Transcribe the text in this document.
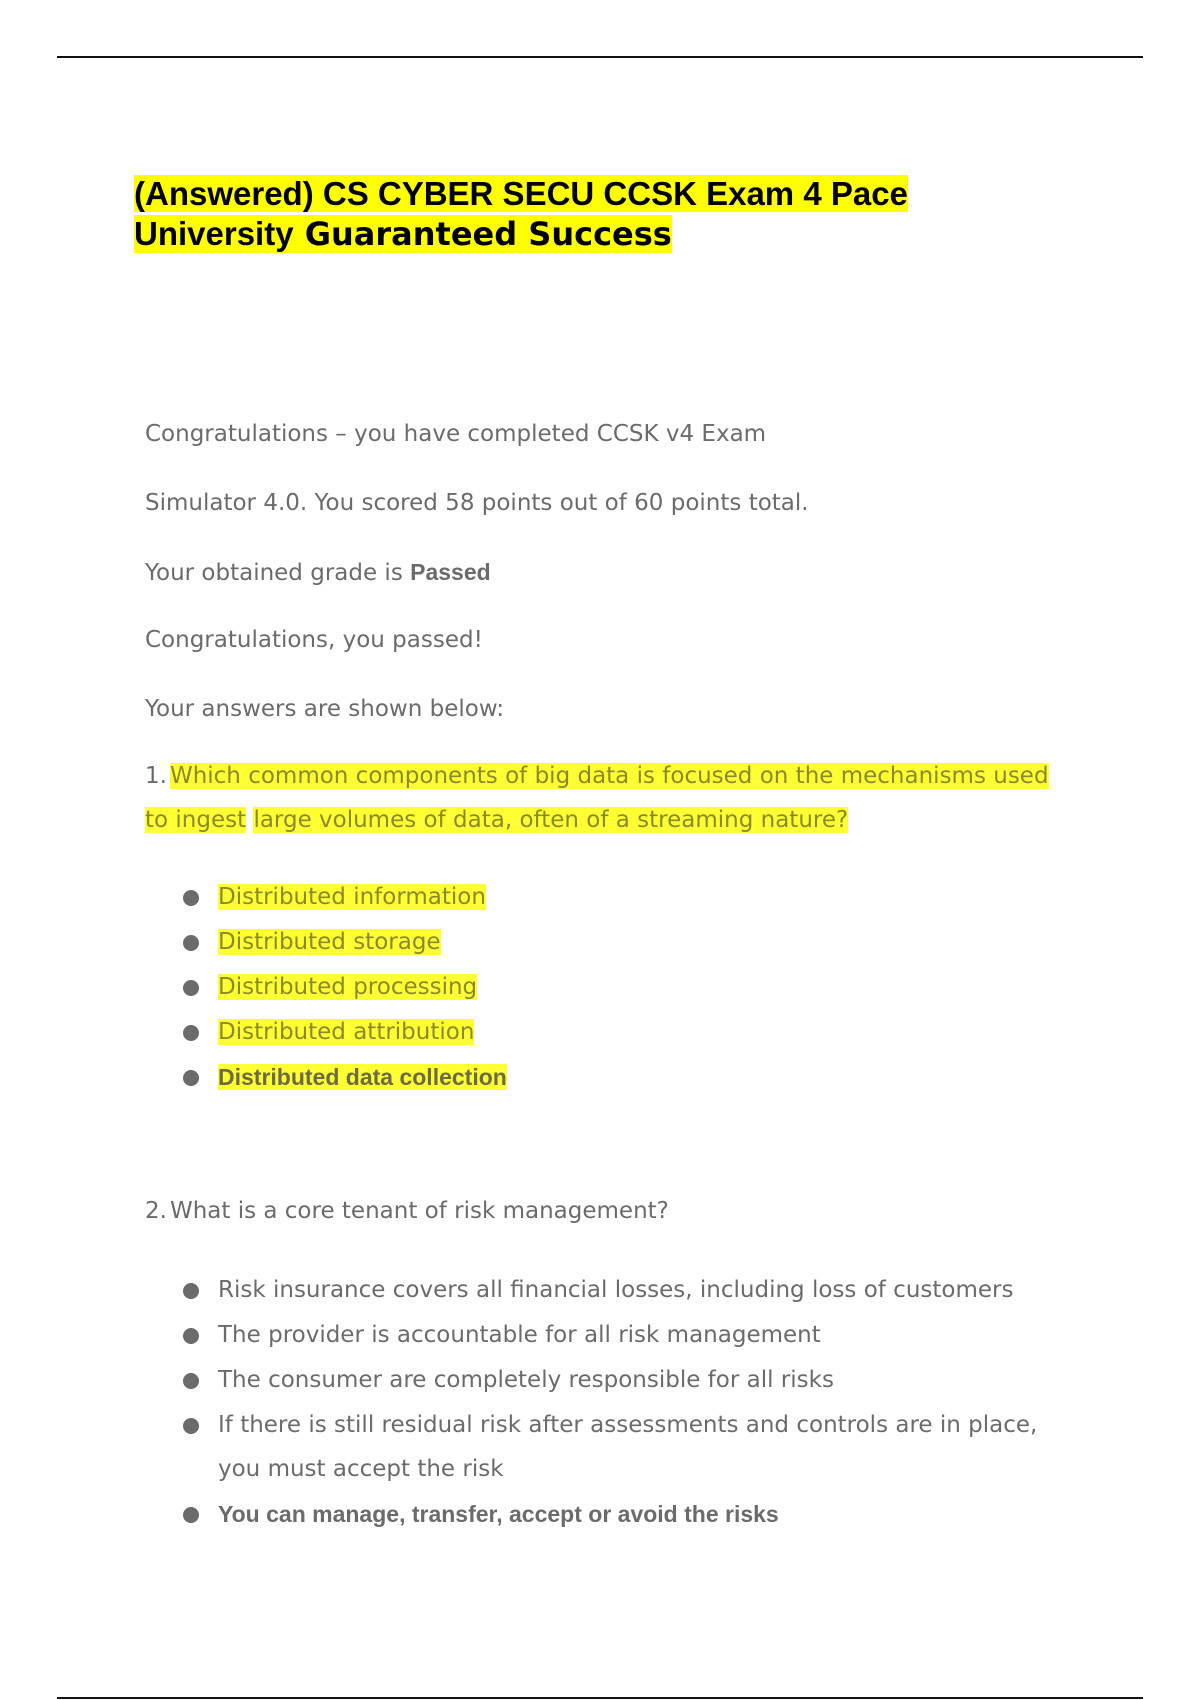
(Answered) CS CYBER SECU CCSK Exam 4 Pace
University Guaranteed Success

Congratulations – you have completed CCSK v4 Exam

Simulator 4.0. You scored 58 points out of 60 points total.

Your obtained grade is Passed

Congratulations, you passed!

Your answers are shown below:

1. Which common components of big data is focused on the mechanisms used to ingest large volumes of data, often of a streaming nature?

Distributed information
Distributed storage
Distributed processing
Distributed attribution
Distributed data collection

2. What is a core tenant of risk management?

Risk insurance covers all financial losses, including loss of customers
The provider is accountable for all risk management
The consumer are completely responsible for all risks
If there is still residual risk after assessments and controls are in place, you must accept the risk
You can manage, transfer, accept or avoid the risks
